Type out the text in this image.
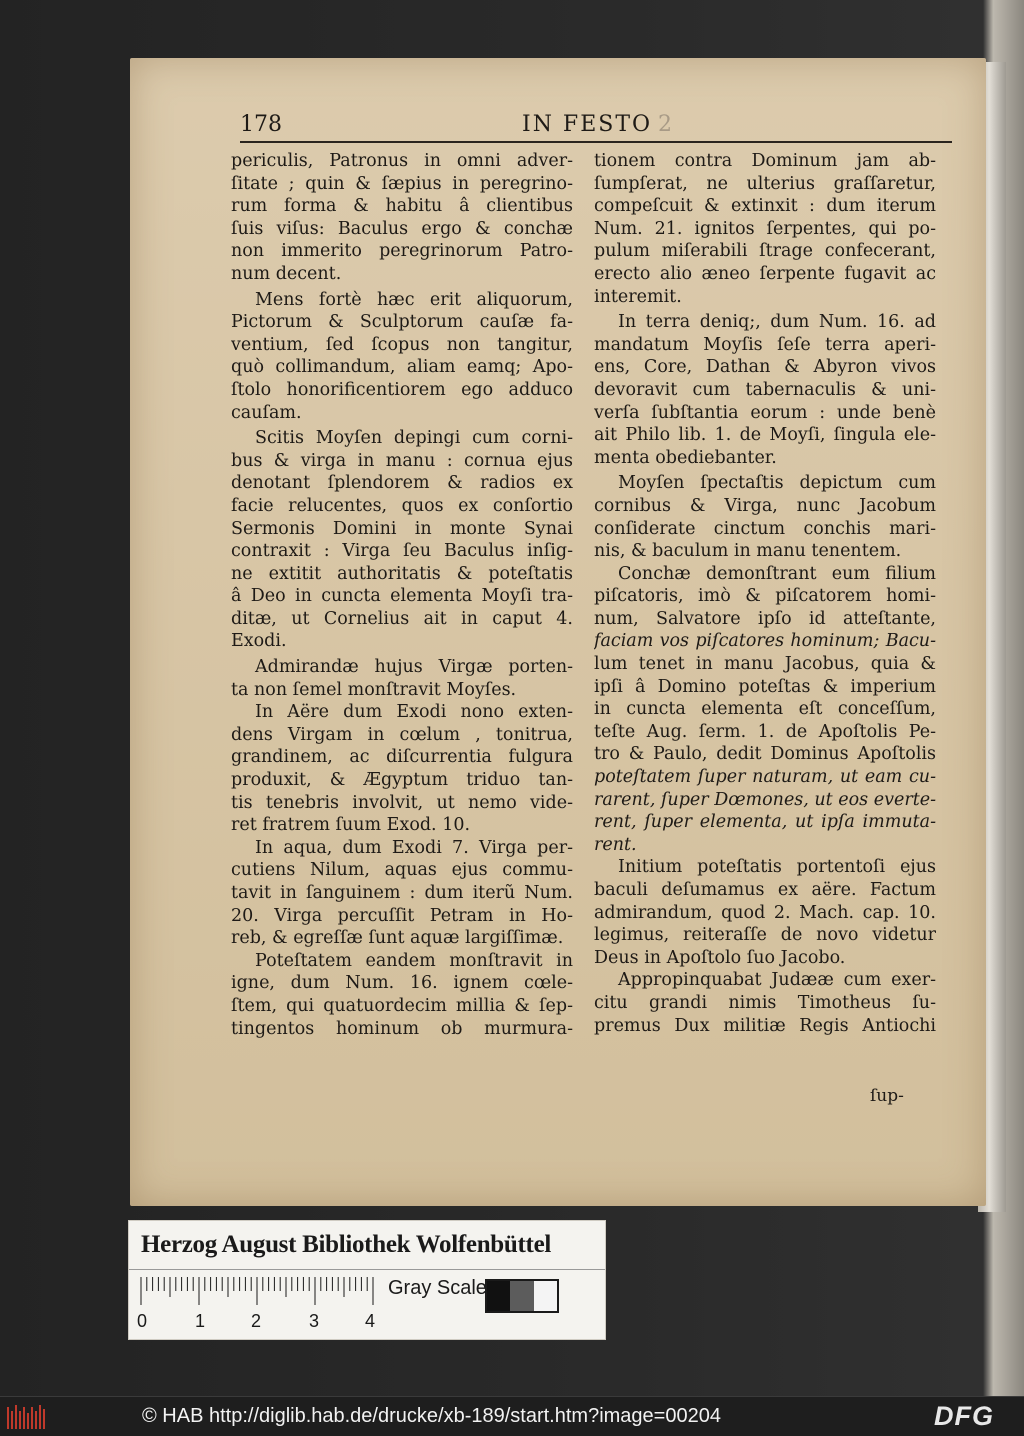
178	IN FESTO 2
periculis, Patronus in omni adver-
ſitate ; quin & ſæpius in peregrino-
rum forma & habitu â clientibus
ſuis viſus: Baculus ergo & conchæ
non immerito peregrinorum Patro-
num decent.
Mens fortè hæc erit aliquorum,
Pictorum & Sculptorum cauſæ fa-
ventium, ſed ſcopus non tangitur,
quò collimandum, aliam eamq; Apo-
ſtolo honorificentiorem ego adduco
cauſam.
Scitis Moyſen depingi cum corni-
bus & virga in manu : cornua ejus
denotant ſplendorem & radios ex
facie relucentes, quos ex conſortio
Sermonis Domini in monte Synai
contraxit : Virga ſeu Baculus inſig-
ne extitit authoritatis & poteſtatis
â Deo in cuncta elementa Moyſi tra-
ditæ, ut Cornelius ait in caput 4.
Exodi.
Admirandæ hujus Virgæ porten-
ta non ſemel monſtravit Moyſes.
In Aëre dum Exodi nono exten-
dens Virgam in cœlum , tonitrua,
grandinem, ac diſcurrentia fulgura
produxit, & Ægyptum triduo tan-
tis tenebris involvit, ut nemo vide-
ret fratrem ſuum Exod. 10.
In aqua, dum Exodi 7. Virga per-
cutiens Nilum, aquas ejus commu-
tavit in ſanguinem : dum iterũ Num.
20. Virga percuſſit Petram in Ho-
reb, & egreſſæ ſunt aquæ largiſſimæ.
Poteſtatem eandem monſtravit in
igne, dum Num. 16. ignem cœle-
ſtem, qui quatuordecim millia & ſep-
tingentos hominum ob murmura-
tionem contra Dominum jam ab-
ſumpſerat, ne ulterius graſſaretur,
compeſcuit & extinxit : dum iterum
Num. 21. ignitos ſerpentes, qui po-
pulum miſerabili ſtrage confecerant,
erecto alio æneo ſerpente fugavit ac
interemit.
In terra deniq;, dum Num. 16. ad
mandatum Moyſis ſeſe terra aperi-
ens, Core, Dathan & Abyron vivos
devoravit cum tabernaculis & uni-
verſa ſubſtantia eorum : unde benè
ait Philo lib. 1. de Moyſi, ſingula ele-
menta obediebanter.
Moyſen ſpectaſtis depictum cum
cornibus & Virga, nunc Jacobum
conſiderate cinctum conchis mari-
nis, & baculum in manu tenentem.
Conchæ demonſtrant eum filium
piſcatoris, imò & piſcatorem homi-
num, Salvatore ipſo id atteſtante,
faciam vos piſcatores hominum; Bacu-
lum tenet in manu Jacobus, quia &
ipſi â Domino poteſtas & imperium
in cuncta elementa eſt conceſſum,
teſte Aug. ſerm. 1. de Apoſtolis Pe-
tro & Paulo, dedit Dominus Apoſtolis
poteſtatem ſuper naturam, ut eam cu-
rarent, ſuper Dœmones, ut eos everte-
rent, ſuper elementa, ut ipſa immuta-
rent.
Initium poteſtatis portentoſi ejus
baculi deſumamus ex aëre. Factum
admirandum, quod 2. Mach. cap. 10.
legimus, reiteraſſe de novo videtur
Deus in Apoſtolo ſuo Jacobo.
Appropinquabat Judææ cum exer-
citu grandi nimis Timotheus ſu-
premus Dux militiæ Regis Antiochi
ſup-
Herzog August Bibliothek Wolfenbüttel
0	1	2	3	4
Gray Scale
© HAB http://diglib.hab.de/drucke/xb-189/start.htm?image=00204	DFG
